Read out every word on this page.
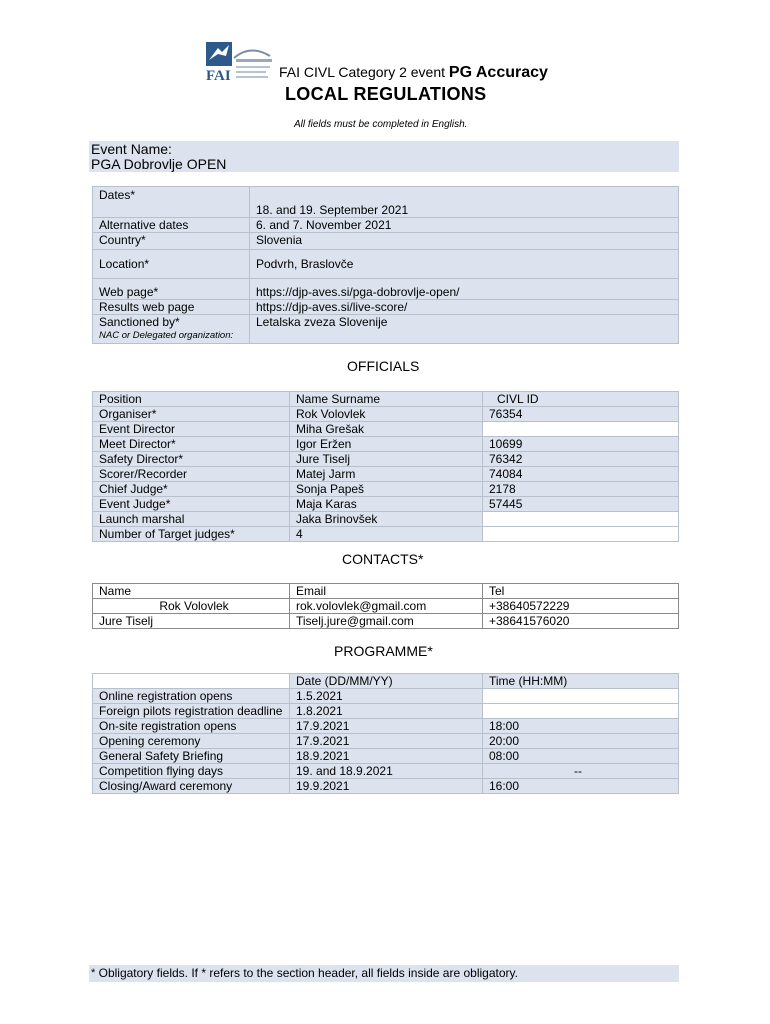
FAI	FAI CIVL Category 2 event PG Accuracy
LOCAL REGULATIONS
All fields must be completed in English.
Event Name:
PGA Dobrovlje OPEN
Dates*	18. and 19. September 2021
Alternative dates	6. and 7. November 2021
Country*	Slovenia
Location*	Podvrh, Braslovče
Web page*	https://djp-aves.si/pga-dobrovlje-open/
Results web page	https://djp-aves.si/live-score/

Sanctioned by*
NAC or Delegated organization:	Letalska zveza Slovenije
OFFICIALS
Position	Name Surname	CIVL ID
Organiser*	Rok Volovlek	76354
Event Director	Miha Grešak	
Meet Director*	Igor Eržen	10699
Safety Director*	Jure Tiselj	76342
Scorer/Recorder	Matej Jarm	74084
Chief Judge*	Sonja Papeš	2178
Event Judge*	Maja Karas	57445
Launch marshal	Jaka Brinovšek	
Number of Target judges*	4	
CONTACTS*
Name	Email	Tel
Rok Volovlek	rok.volovlek@gmail.com	+38640572229
Jure Tiselj	Tiselj.jure@gmail.com	+38641576020
PROGRAMME*
	Date (DD/MM/YY)	Time (HH:MM)
Online registration opens	1.5.2021	
Foreign pilots registration deadline	1.8.2021	
On-site registration opens	17.9.2021	18:00
Opening ceremony	17.9.2021	20:00
General Safety Briefing	18.9.2021	08:00
Competition flying days	19. and 18.9.2021	--
Closing/Award ceremony	19.9.2021	16:00
* Obligatory fields. If * refers to the section header, all fields inside are obligatory.
